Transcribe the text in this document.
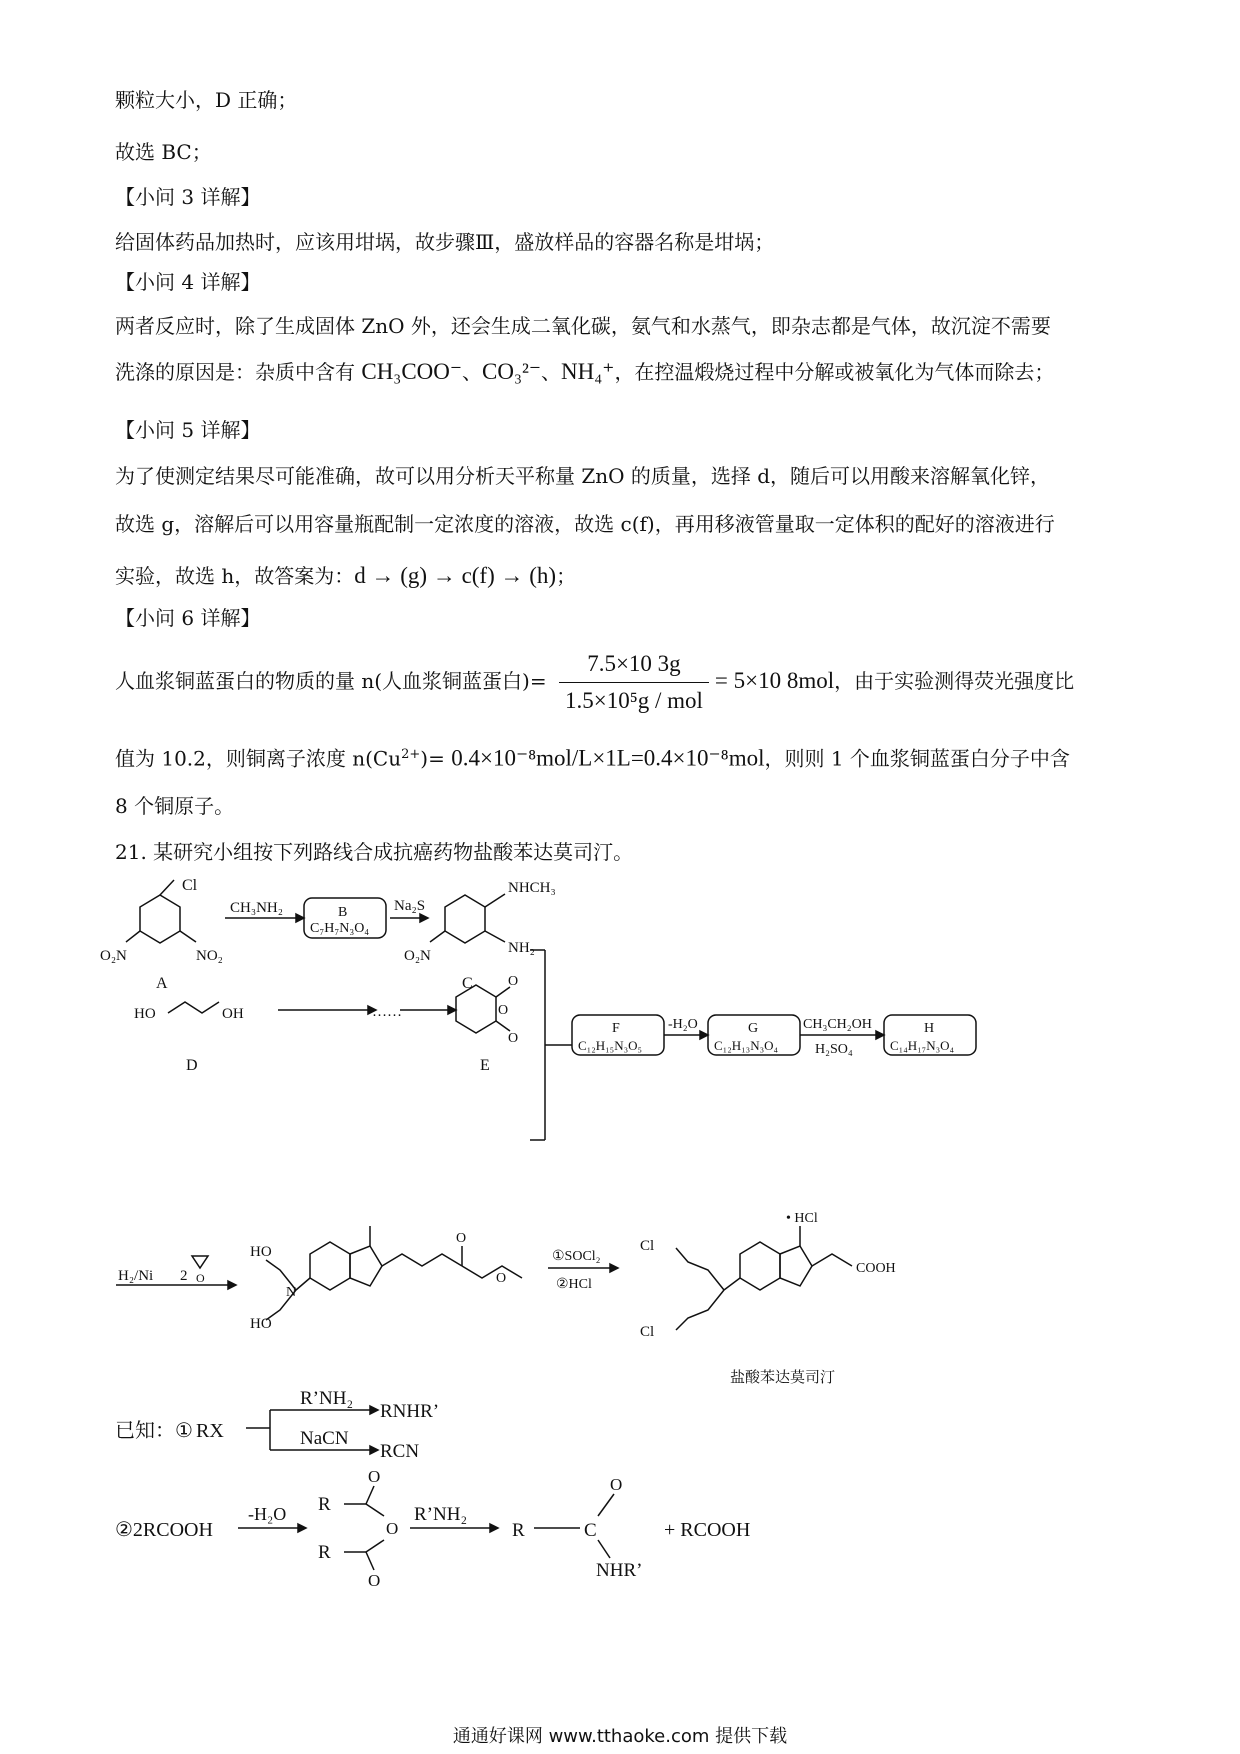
颗粒大小，D 正确；
故选 BC；
【小问 3 详解】
给固体药品加热时，应该用坩埚，故步骤Ⅲ，盛放样品的容器名称是坩埚；
【小问 4 详解】
两者反应时，除了生成固体 ZnO 外，还会生成二氧化碳，氨气和水蒸气，即杂志都是气体，故沉淀不需要
洗涤的原因是：杂质中含有 CH₃COO⁻、CO₃²⁻、NH₄⁺，在控温煅烧过程中分解或被氧化为气体而除去；
【小问 5 详解】
为了使测定结果尽可能准确，故可以用分析天平称量 ZnO 的质量，选择 d，随后可以用酸来溶解氧化锌，
故选 g，溶解后可以用容量瓶配制一定浓度的溶液，故选 c(f)，再用移液管量取一定体积的配好的溶液进行
实验，故选 h，故答案为：d → (g) → c(f) → (h)；
【小问 6 详解】
人血浆铜蓝蛋白的物质的量 n(人血浆铜蓝蛋白)= $\frac{7.5\times 10 3g}{\text{1.5×10⁵g / mol}} = 5\times 10$ 8mol，由于实验测得荧光强度比
值为 10.2，则铜离子浓度 $n(Cu^{2+})= 0.4\times 10^{-8}mol/L\times 1L=0.4\times 10^{-8}mol$，则则 1 个血浆铜蓝蛋白分子中含
8 个铜原子。
21. 某研究小组按下列路线合成抗癌药物盐酸苯达莫司汀。
Cl
NO₂
O₂N
A
CH₃NH₂	B
C₇H₇N₃O₄
Na₂S
NHCH₃
NH₂
O₂N
C
F
C₁₂H₁₅N₃O₅
-H₂O	G
C₁₂H₁₃N₃O₄
CH₃CH₂OH
H₂SO₄
H
C₁₄H₁₇N₃O₄
HO	OH	……
D
O
O
O
E
H₂/Ni 2 O
HO
HO
N
O
O
①SOCl₂
②HCl
Cl
Cl
• HCl
COOH
盐酸苯达莫司汀
已知：① RX
R’NH₂
RNHR’
NaCN
RCN
②2RCOOH
-H₂O R
R
O
O
O
R’NH₂
R	C
O
NHR’
+ RCOOH
通通好课网 www.tthaoke.com 提供下载
